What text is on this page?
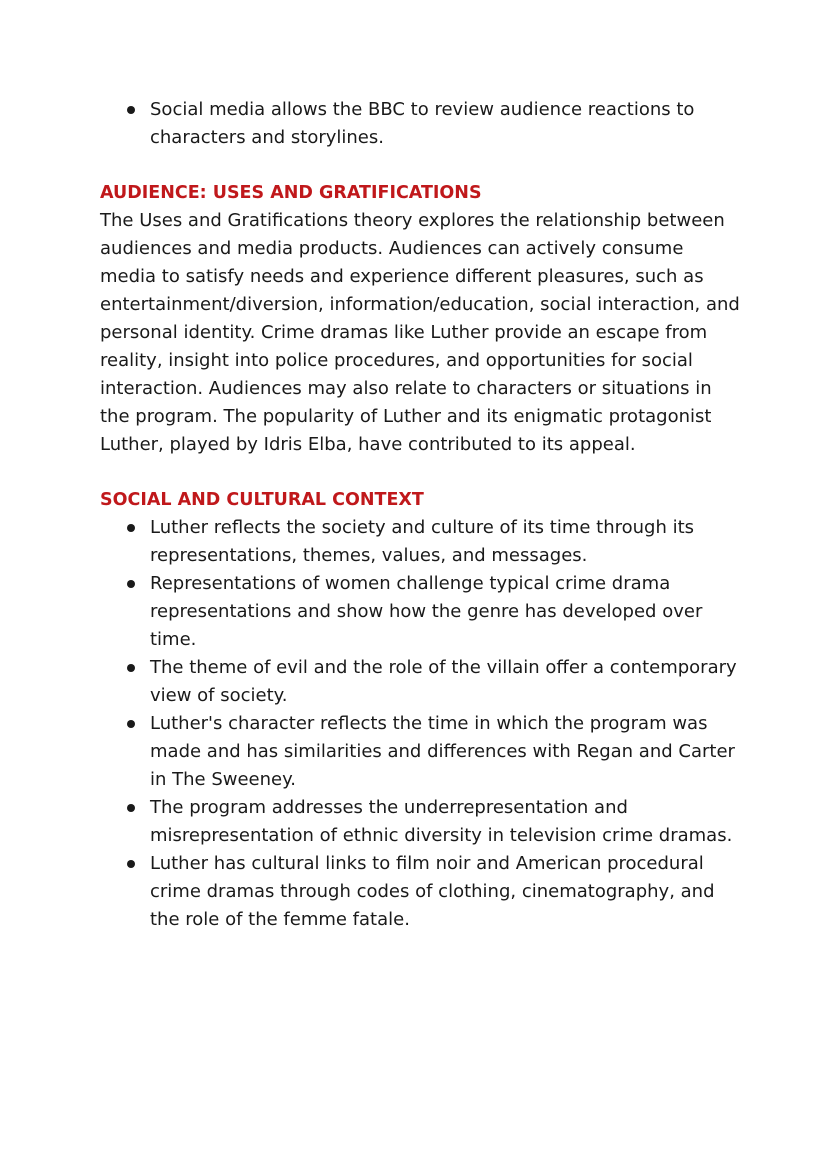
Social media allows the BBC to review audience reactions to characters and storylines.
AUDIENCE: USES AND GRATIFICATIONS

The Uses and Gratifications theory explores the relationship between audiences and media products. Audiences can actively consume media to satisfy needs and experience different pleasures, such as entertainment/diversion, information/education, social interaction, and personal identity. Crime dramas like Luther provide an escape from reality, insight into police procedures, and opportunities for social interaction. Audiences may also relate to characters or situations in the program. The popularity of Luther and its enigmatic protagonist Luther, played by Idris Elba, have contributed to its appeal.

SOCIAL AND CULTURAL CONTEXT
Luther reflects the society and culture of its time through its representations, themes, values, and messages.
Representations of women challenge typical crime drama representations and show how the genre has developed over time.
The theme of evil and the role of the villain offer a contemporary view of society.
Luther's character reflects the time in which the program was made and has similarities and differences with Regan and Carter in The Sweeney.
The program addresses the underrepresentation and misrepresentation of ethnic diversity in television crime dramas.
Luther has cultural links to film noir and American procedural crime dramas through codes of clothing, cinematography, and the role of the femme fatale.
